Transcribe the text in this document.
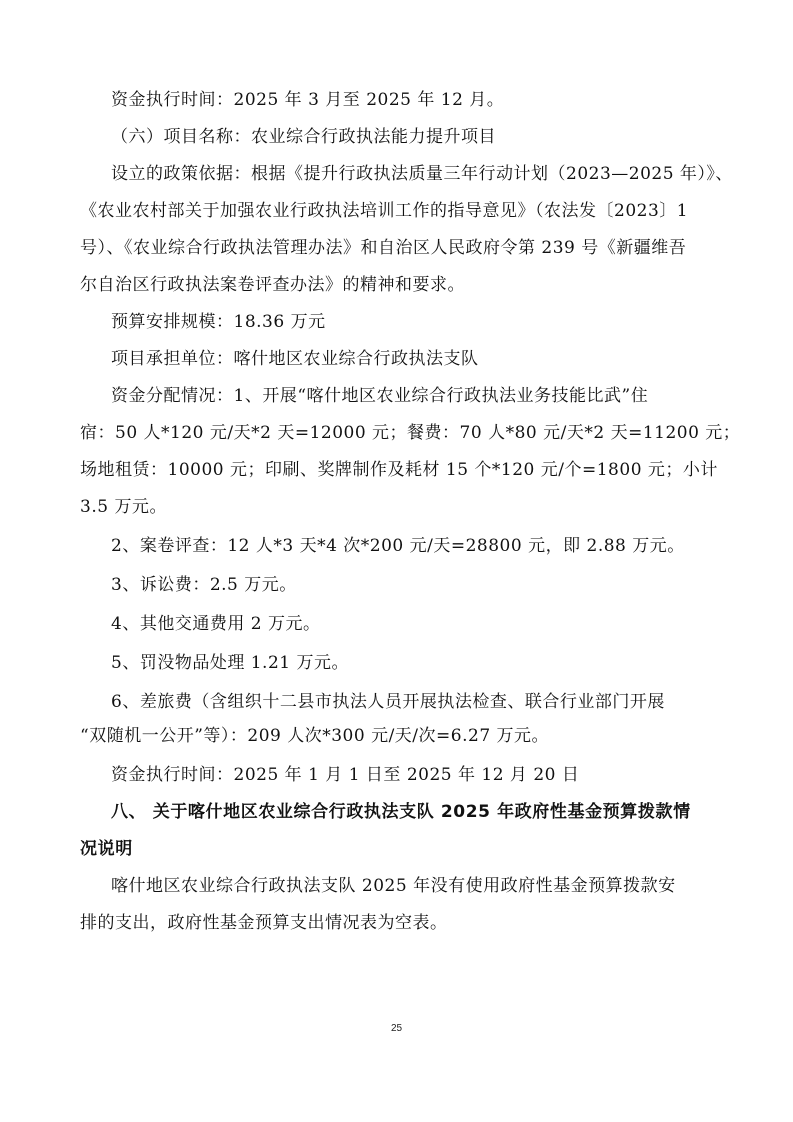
资金执行时间：2025 年 3 月至 2025 年 12 月。
（六）项目名称：农业综合行政执法能力提升项目
设立的政策依据：根据《提升行政执法质量三年行动计划（2023—2025 年）》、
《农业农村部关于加强农业行政执法培训工作的指导意见》（农法发〔2023〕1
号）、《农业综合行政执法管理办法》和自治区人民政府令第 239 号《新疆维吾
尔自治区行政执法案卷评查办法》的精神和要求。
预算安排规模：18.36 万元
项目承担单位：喀什地区农业综合行政执法支队
资金分配情况：1、开展“喀什地区农业综合行政执法业务技能比武”住
宿：50 人*120 元/天*2 天=12000 元；餐费：70 人*80 元/天*2 天=11200 元；
场地租赁：10000 元；印刷、奖牌制作及耗材 15 个*120 元/个=1800 元；小计
3.5 万元。
2、案卷评查：12 人*3 天*4 次*200 元/天=28800 元，即 2.88 万元。
3、诉讼费：2.5 万元。
4、其他交通费用 2 万元。
5、罚没物品处理 1.21 万元。
6、差旅费（含组织十二县市执法人员开展执法检查、联合行业部门开展
“双随机一公开”等）：209 人次*300 元/天/次=6.27 万元。
资金执行时间：2025 年 1 月 1 日至 2025 年 12 月 20 日
八、 关于喀什地区农业综合行政执法支队 2025 年政府性基金预算拨款情
况说明
喀什地区农业综合行政执法支队 2025 年没有使用政府性基金预算拨款安
排的支出，政府性基金预算支出情况表为空表。
25
